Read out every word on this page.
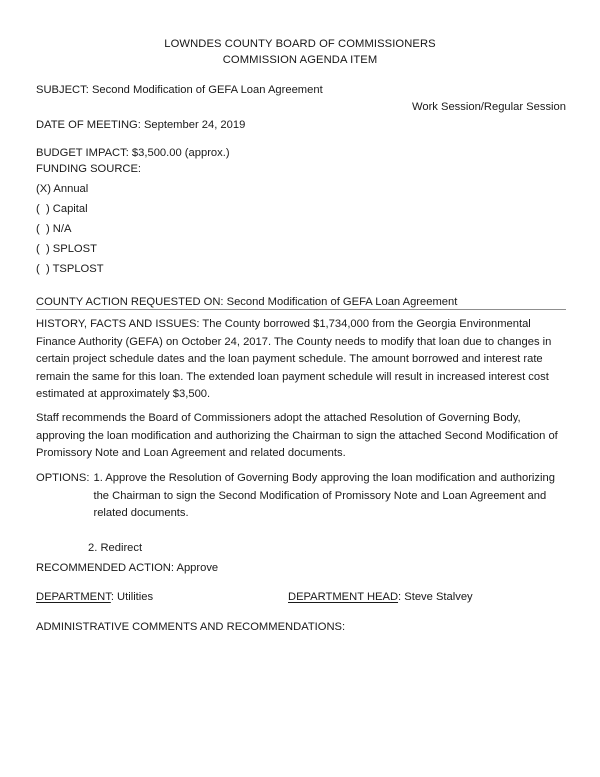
LOWNDES COUNTY BOARD OF COMMISSIONERS
COMMISSION AGENDA ITEM
SUBJECT: Second Modification of GEFA Loan Agreement
Work Session/Regular Session
DATE OF MEETING: September 24, 2019
BUDGET IMPACT: $3,500.00 (approx.)
FUNDING SOURCE:
(X) Annual
(  ) Capital
(  ) N/A
(  ) SPLOST
(  ) TSPLOST
COUNTY ACTION REQUESTED ON: Second Modification of GEFA Loan Agreement
HISTORY, FACTS AND ISSUES: The County borrowed $1,734,000 from the Georgia Environmental Finance Authority (GEFA) on October 24, 2017. The County needs to modify that loan due to changes in certain project schedule dates and the loan payment schedule. The amount borrowed and interest rate remain the same for this loan. The extended loan payment schedule will result in increased interest cost estimated at approximately $3,500.
Staff recommends the Board of Commissioners adopt the attached Resolution of Governing Body, approving the loan modification and authorizing the Chairman to sign the attached Second Modification of Promissory Note and Loan Agreement and related documents.
OPTIONS: 1. Approve the Resolution of Governing Body approving the loan modification and authorizing the Chairman to sign the Second Modification of Promissory Note and Loan Agreement and related documents.
2. Redirect
RECOMMENDED ACTION: Approve
DEPARTMENT: Utilities	DEPARTMENT HEAD: Steve Stalvey
ADMINISTRATIVE COMMENTS AND RECOMMENDATIONS:
